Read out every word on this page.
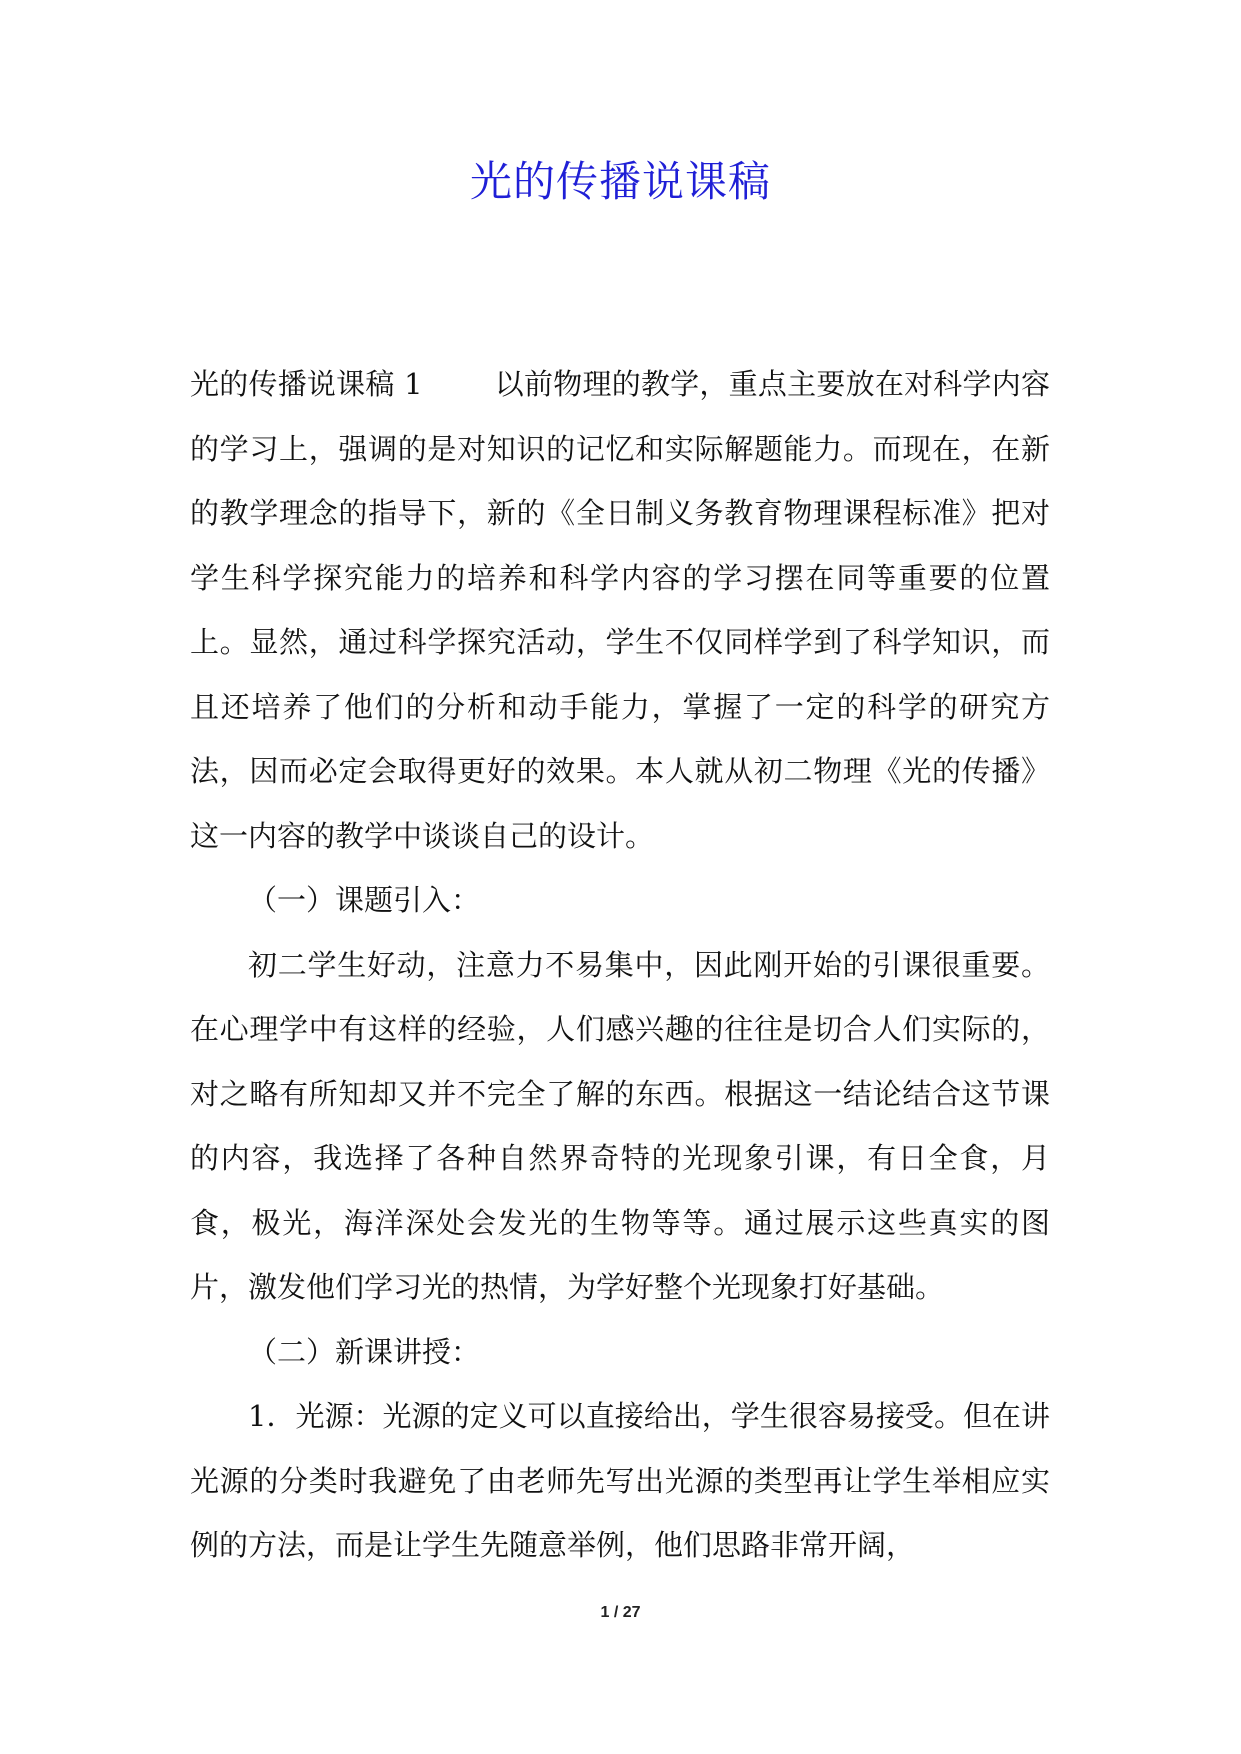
光的传播说课稿

光的传播说课稿 1 以前物理的教学，重点主要放在对科学内容的学习上，强调的是对知识的记忆和实际解题能力。而现在，在新的教学理念的指导下，新的《全日制义务教育物理课程标准》把对学生科学探究能力的培养和科学内容的学习摆在同等重要的位置上。显然，通过科学探究活动，学生不仅同样学到了科学知识，而且还培养了他们的分析和动手能力，掌握了一定的科学的研究方法，因而必定会取得更好的效果。本人就从初二物理《光的传播》这一内容的教学中谈谈自己的设计。

（一）课题引入：

初二学生好动，注意力不易集中，因此刚开始的引课很重要。在心理学中有这样的经验，人们感兴趣的往往是切合人们实际的，对之略有所知却又并不完全了解的东西。根据这一结论结合这节课的内容，我选择了各种自然界奇特的光现象引课，有日全食，月食，极光，海洋深处会发光的生物等等。通过展示这些真实的图片，激发他们学习光的热情，为学好整个光现象打好基础。

（二）新课讲授：

1．光源：光源的定义可以直接给出，学生很容易接受。但在讲光源的分类时我避免了由老师先写出光源的类型再让学生举相应实例的方法，而是让学生先随意举例，他们思路非常开阔，

1 / 27
